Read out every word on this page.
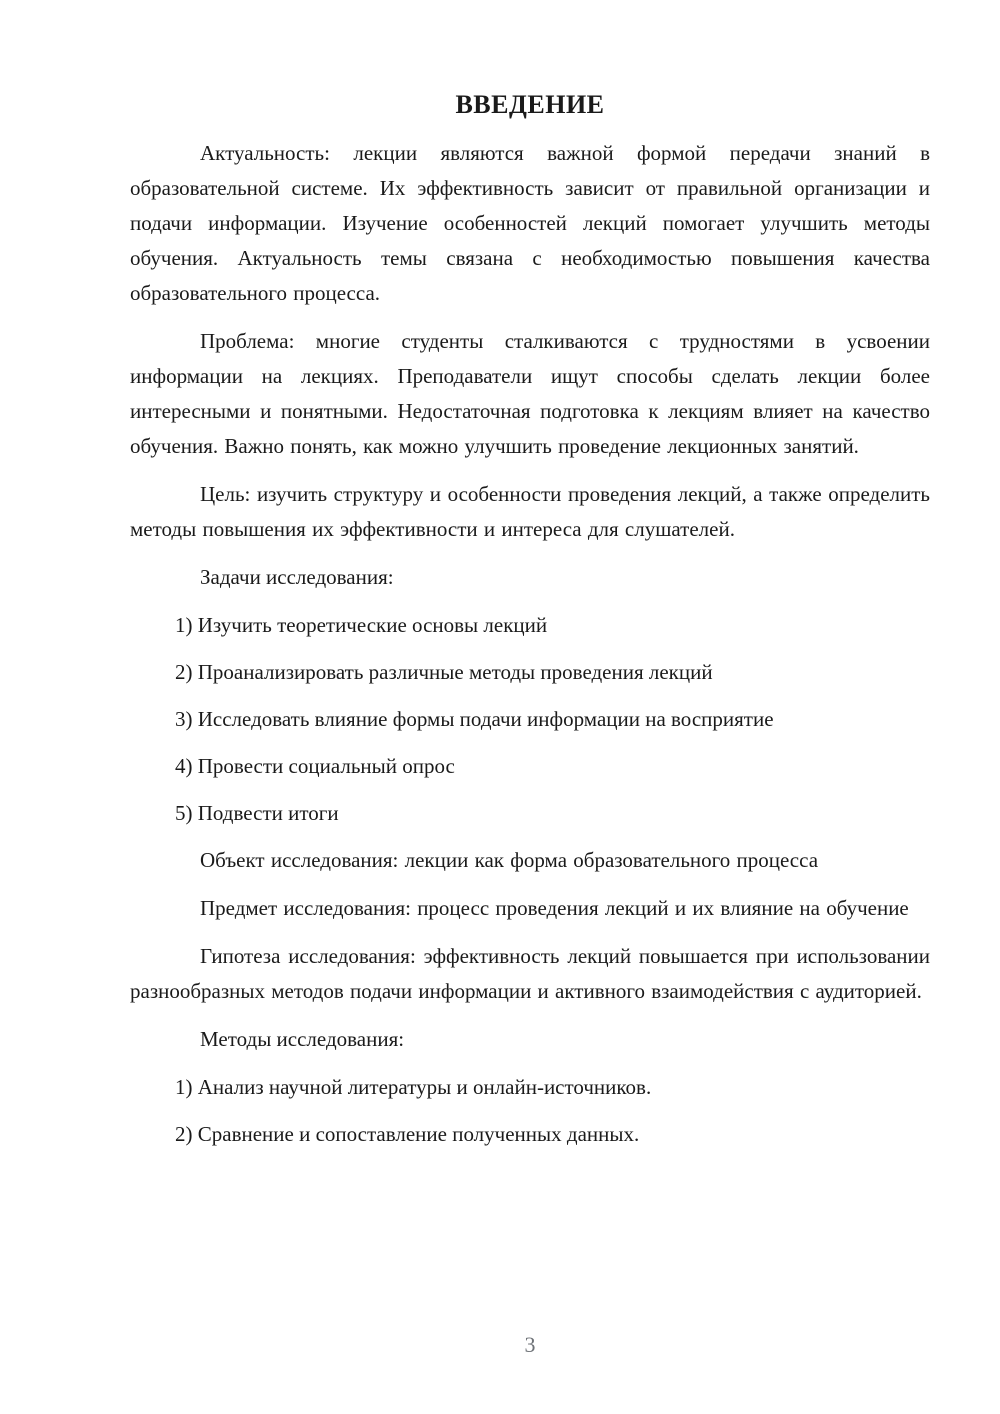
ВВЕДЕНИЕ

Актуальность: лекции являются важной формой передачи знаний в образовательной системе. Их эффективность зависит от правильной организации и подачи информации. Изучение особенностей лекций помогает улучшить методы обучения. Актуальность темы связана с необходимостью повышения качества образовательного процесса.

Проблема: многие студенты сталкиваются с трудностями в усвоении информации на лекциях. Преподаватели ищут способы сделать лекции более интересными и понятными. Недостаточная подготовка к лекциям влияет на качество обучения. Важно понять, как можно улучшить проведение лекционных занятий.

Цель: изучить структуру и особенности проведения лекций, а также определить методы повышения их эффективности и интереса для слушателей.

Задачи исследования:

1) Изучить теоретические основы лекций
2) Проанализировать различные методы проведения лекций
3) Исследовать влияние формы подачи информации на восприятие
4) Провести социальный опрос
5) Подвести итоги

Объект исследования: лекции как форма образовательного процесса

Предмет исследования: процесс проведения лекций и их влияние на обучение

Гипотеза исследования: эффективность лекций повышается при использовании разнообразных методов подачи информации и активного взаимодействия с аудиторией.

Методы исследования:

1) Анализ научной литературы и онлайн-источников.
2) Сравнение и сопоставление полученных данных.
3
